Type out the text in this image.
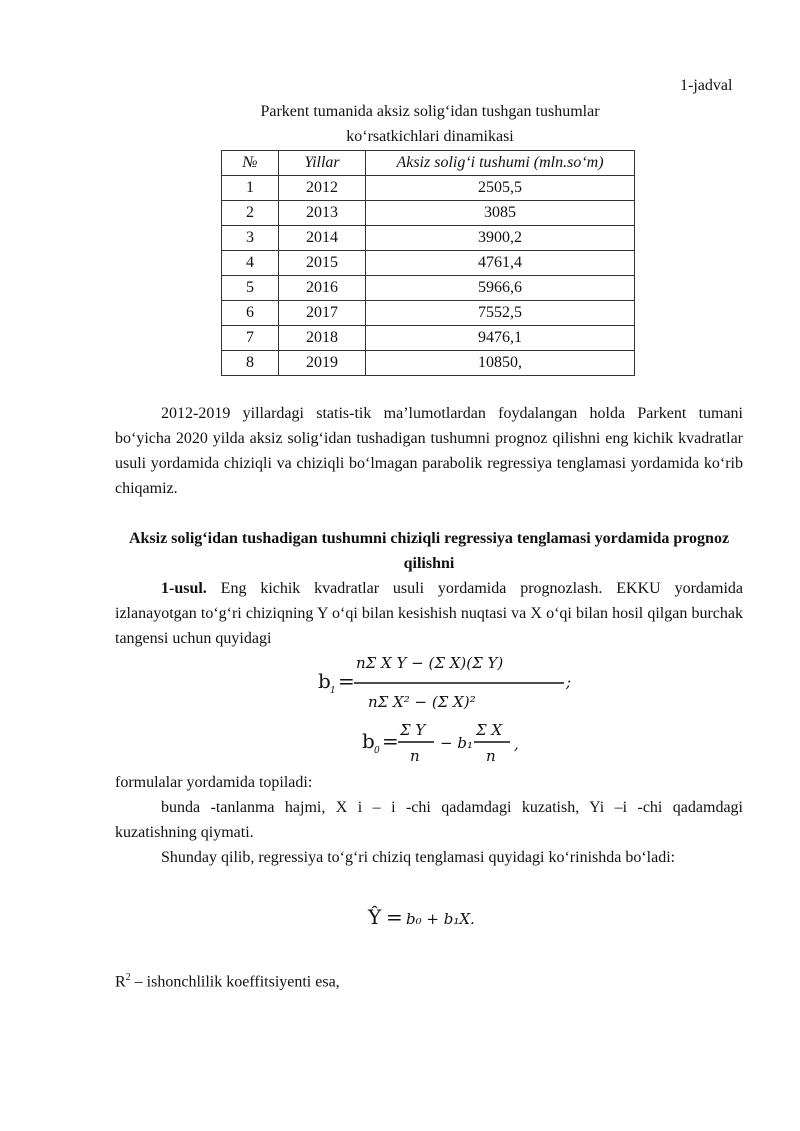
1-jadval
Parkent tumanida aksiz solig‘idan tushgan tushumlar
ko‘rsatkichlari dinamikasi
№	Yillar	Aksiz solig‘i tushumi (mln.so‘m)
1	2012	2505,5
2	2013	3085
3	2014	3900,2
4	2015	4761,4
5	2016	5966,6
6	2017	7552,5
7	2018	9476,1
8	2019	10850,
2012-2019 yillardagi statis-tik ma’lumotlardan foydalangan holda Parkent tumani bo‘yicha 2020 yilda aksiz solig‘idan tushadigan tushumni prognoz qilishni eng kichik kvadratlar usuli yordamida chiziqli va chiziqli bo‘lmagan parabolik regressiya tenglamasi yordamida ko‘rib chiqamiz.
Aksiz solig‘idan tushadigan tushumni chiziqli regressiya tenglamasi yordamida prognoz qilishni
1-usul. Eng kichik kvadratlar usuli yordamida prognozlash. EKKU yordamida izlanayotgan to‘g‘ri chiziqning Y o‘qi bilan kesishish nuqtasi va X o‘qi bilan hosil qilgan burchak tangensi uchun quyidagi
b 1 =
nΣ X Y − (Σ X)(Σ Y)
nΣ X² − (Σ X)²
;
b 0 = Σ Y
n
− b₁
Σ X
n
,
formulalar yordamida topiladi:
bunda -tanlanma hajmi, X i – i -chi qadamdagi kuzatish, Yi –i -chi qadamdagi kuzatishning qiymati.
Shunday qilib, regressiya to‘g‘ri chiziq tenglamasi quyidagi ko‘rinishda bo‘ladi:
Ŷ = b₀ + b₁X.
$R^2$ – ishonchlilik koeffitsiyenti esa,
